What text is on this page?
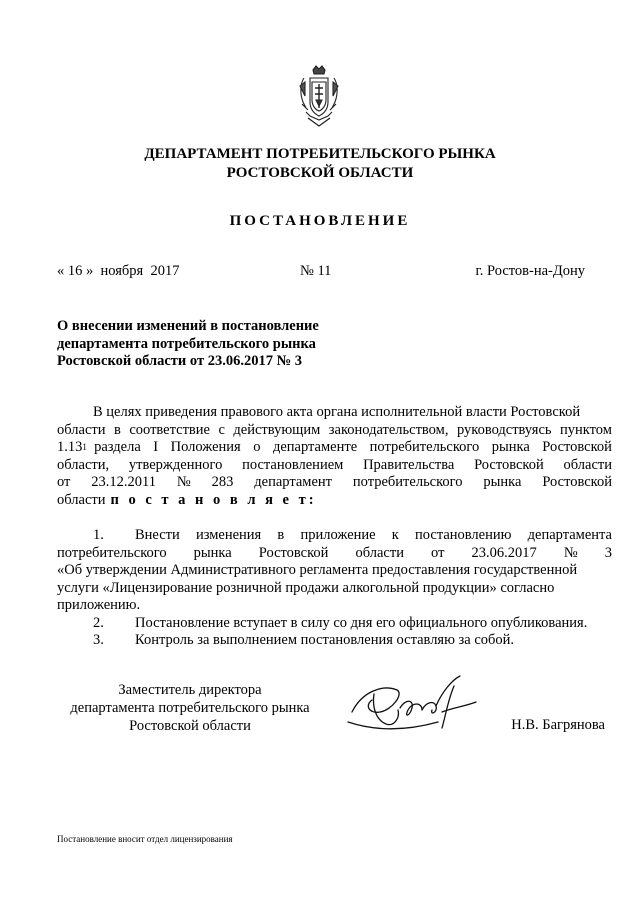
ДЕПАРТАМЕНТ ПОТРЕБИТЕЛЬСКОГО РЫНКА
РОСТОВСКОЙ ОБЛАСТИ
ПОСТАНОВЛЕНИЕ
« 16 »  ноября  2017	№ 11	г. Ростов-на-Дону
О внесении изменений в постановление
департамента потребительского рынка
Ростовской области от 23.06.2017 № 3
В целях приведения правового акта органа исполнительной власти Ростовской
области в соответствие с действующим законодательством, руководствуясь пунктом
1.13 1
раздела I Положения о департаменте потребительского рынка Ростовской
области, утвержденного постановлением Правительства Ростовской области
от 23.12.2011 № 283 департамент потребительского рынка Ростовской
области п о с т а н о в л я е т:
1.	Внести изменения в приложение к постановлению департамента
потребительского рынка Ростовской области от 23.06.2017 № 3
«Об утверждении Административного регламента предоставления государственной
услуги «Лицензирование розничной продажи алкогольной продукции» согласно
приложению.
2.	Постановление вступает в силу со дня его официального опубликования.
3.	Контроль за выполнением постановления оставляю за собой.
Заместитель директора
департамента потребительского рынка
Ростовской области	Н.В. Багрянова
Постановление вносит отдел лицензирования
